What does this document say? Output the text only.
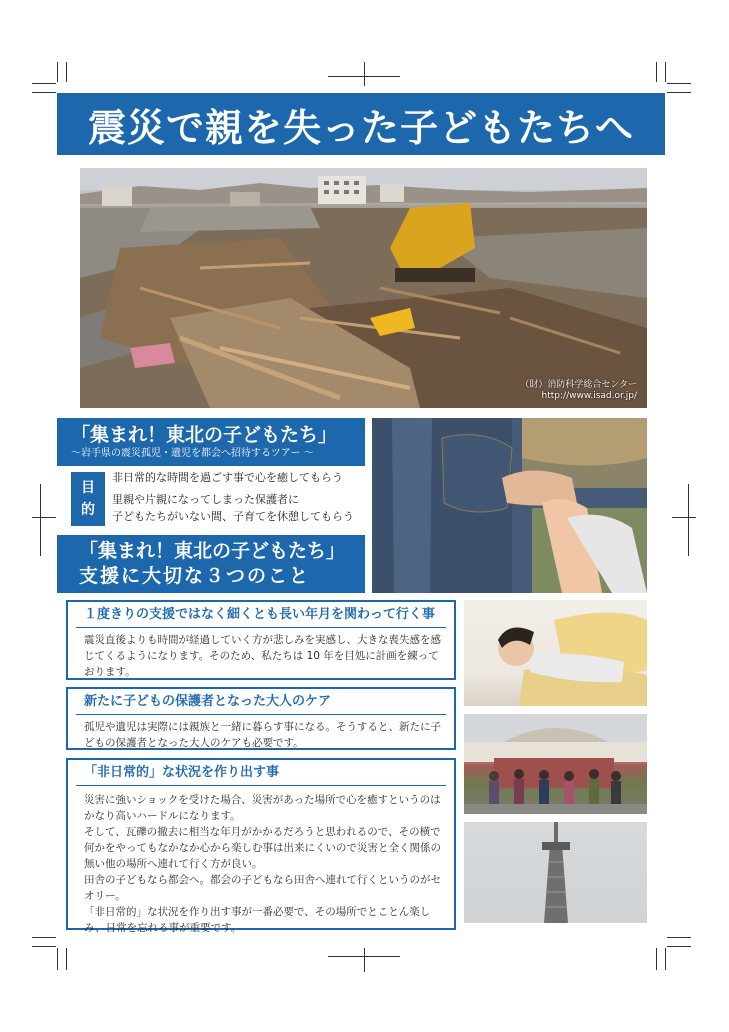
震災で親を失った子どもたちへ
（財）消防科学総合センター
http://www.isad.or.jp/
「集まれ！東北の子どもたち」
〜岩手県の震災孤児・遺児を都会へ招待するツアー 〜
目
的
非日常的な時間を過ごす事で心を癒してもらう
里親や片親になってしまった保護者に
子どもたちがいない間、子育てを休憩してもらう
「集まれ！東北の子どもたち」
支援に大切な３つのこと
１度きりの支援ではなく細くとも長い年月を関わって行く事
震災直後よりも時間が経過していく方が悲しみを実感し、大きな喪失感を感じてくるようになります。そのため、私たちは 10 年を目処に計画を練っております。
新たに子どもの保護者となった大人のケア
孤児や遺児は実際には親族と一緒に暮らす事になる。そうすると、新たに子どもの保護者となった大人のケアも必要です。
「非日常的」な状況を作り出す事
災害に強いショックを受けた場合、災害があった場所で心を癒すというのはかなり高いハードルになります。
そして、瓦礫の撤去に相当な年月がかかるだろうと思われるので、その横で何かをやってもなかなか心から楽しむ事は出来にくいので災害と全く関係の無い他の場所へ連れて行く方が良い。
田舎の子どもなら都会へ。都会の子どもなら田舎へ連れて行くというのがセオリー。
「非日常的」な状況を作り出す事が一番必要で、その場所でとことん楽しみ、日常を忘れる事が重要です。
